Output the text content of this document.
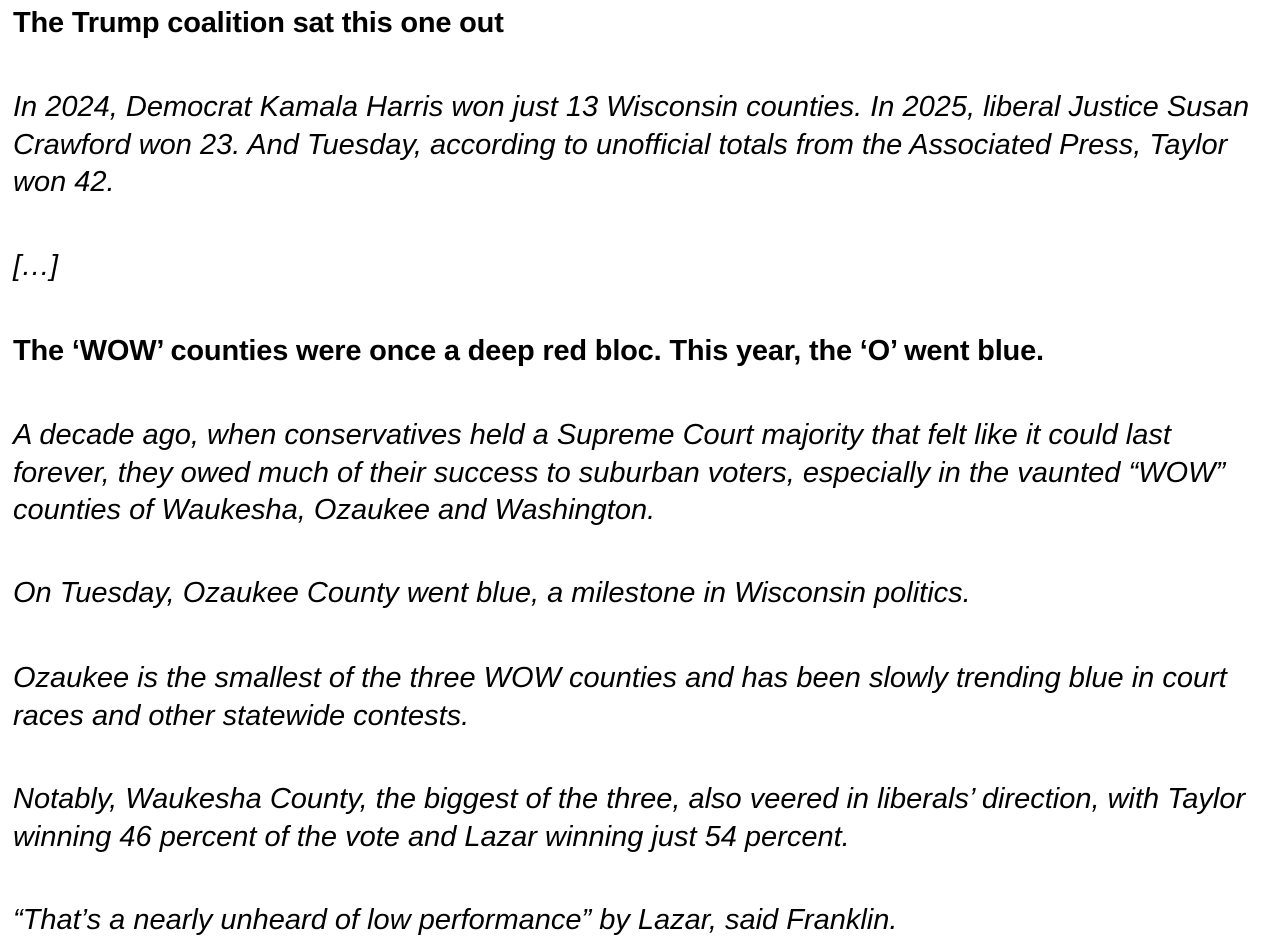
The Trump coalition sat this one out

In 2024, Democrat Kamala Harris won just 13 Wisconsin counties. In 2025, liberal Justice Susan Crawford won 23. And Tuesday, according to unofficial totals from the Associated Press, Taylor won 42.

[…]

The ‘WOW’ counties were once a deep red bloc. This year, the ‘O’ went blue.

A decade ago, when conservatives held a Supreme Court majority that felt like it could last forever, they owed much of their success to suburban voters, especially in the vaunted “WOW” counties of Waukesha, Ozaukee and Washington.

On Tuesday, Ozaukee County went blue, a milestone in Wisconsin politics.

Ozaukee is the smallest of the three WOW counties and has been slowly trending blue in court races and other statewide contests.

Notably, Waukesha County, the biggest of the three, also veered in liberals’ direction, with Taylor winning 46 percent of the vote and Lazar winning just 54 percent.

“That’s a nearly unheard of low performance” by Lazar, said Franklin.
